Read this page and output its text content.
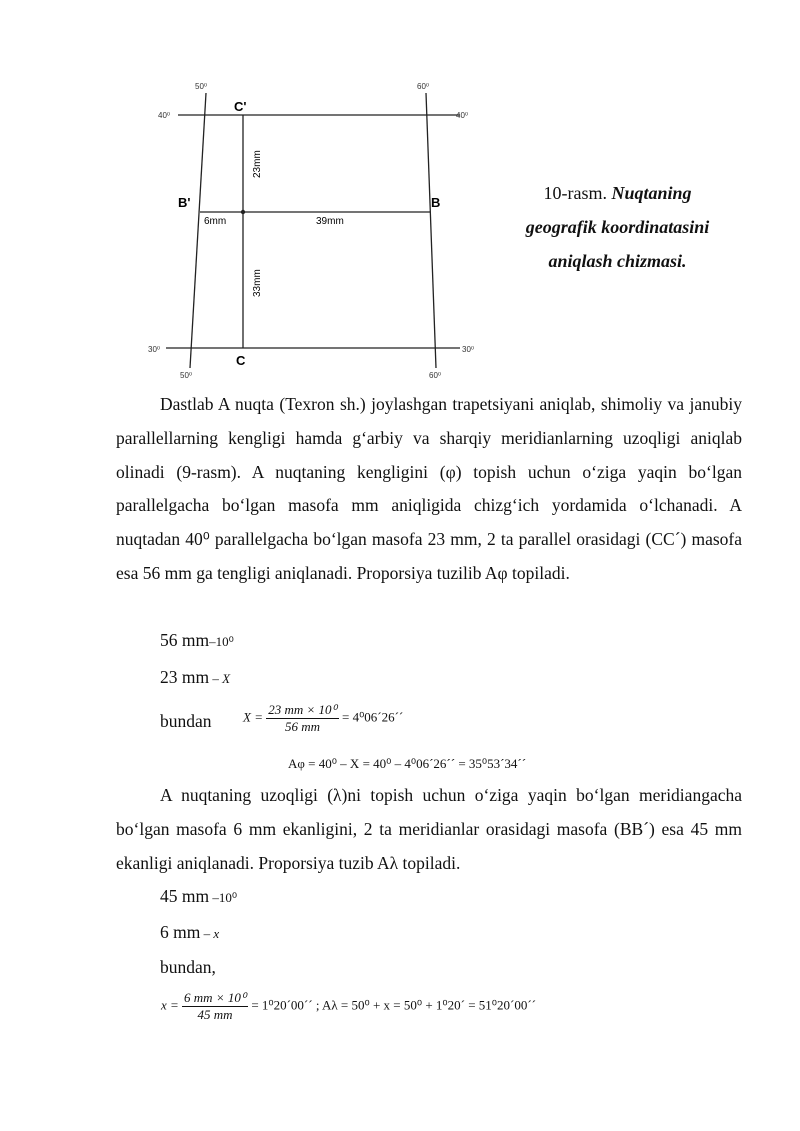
40⁰	40⁰
30⁰	30⁰
50⁰
50⁰
60⁰
60⁰
C'
C
B'	B
23mm
33mm
6mm	39mm
10-rasm. Nuqtaning
geografik koordinatasini
aniqlash chizmasi.
Dastlab A nuqta (Texron sh.) joylashgan trapetsiyani aniqlab, shimoliy va janubiy parallellarning kengligi hamda g‘arbiy va sharqiy meridianlarning uzoqligi aniqlab olinadi (9-rasm). A nuqtaning kengligini (φ) topish uchun o‘ziga yaqin bo‘lgan parallelgacha bo‘lgan masofa mm aniqligida chizg‘ich yordamida o‘lchanadi. A nuqtadan 40⁰ parallelgacha bo‘lgan masofa 23 mm, 2 ta parallel orasidagi (CC´) masofa esa 56 mm ga tengligi aniqlanadi. Proporsiya tuzilib Aφ topiladi.
56 mm–10⁰
23 mm – X
bundan $X = \frac{\text{23 mm × 10⁰}}{56 mm}$ = 4⁰06´26´´
Aφ = 40⁰ – X = 40⁰ – 4⁰06´26´´ = 35⁰53´34´´
A nuqtaning uzoqligi (λ)ni topish uchun o‘ziga yaqin bo‘lgan meridiangacha bo‘lgan masofa 6 mm ekanligini, 2 ta meridianlar orasidagi masofa (BB´) esa 45 mm ekanligi aniqlanadi. Proporsiya tuzib Aλ topiladi.
45 mm –10⁰
6 mm – x
bundan,
$x = \frac{\text{6 mm × 10⁰}}{45 mm}$ = 1⁰20´00´´ ; Aλ = 50⁰ + x = 50⁰ + 1⁰20´ = 51⁰20´00´´
